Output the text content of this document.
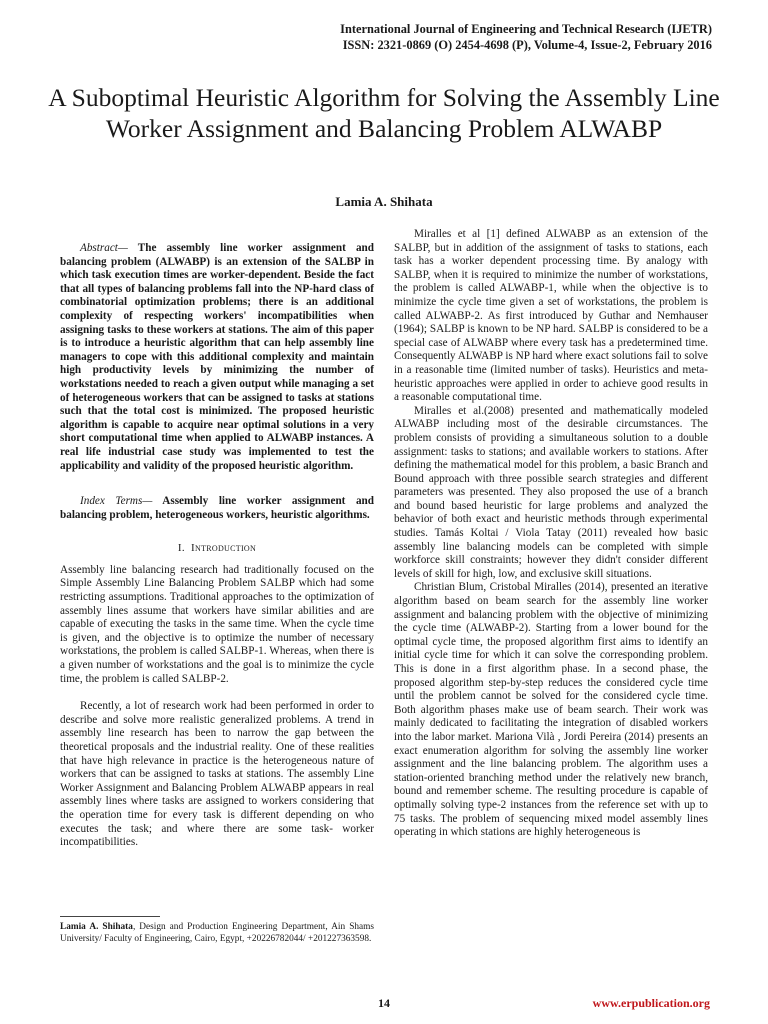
International Journal of Engineering and Technical Research (IJETR)
ISSN: 2321-0869 (O) 2454-4698 (P), Volume-4, Issue-2, February 2016
A Suboptimal Heuristic Algorithm for Solving the Assembly Line Worker Assignment and Balancing Problem ALWABP
Lamia A. Shihata

Abstract— The assembly line worker assignment and balancing problem (ALWABP) is an extension of the SALBP in which task execution times are worker-dependent. Beside the fact that all types of balancing problems fall into the NP-hard class of combinatorial optimization problems; there is an additional complexity of respecting workers' incompatibilities when assigning tasks to these workers at stations. The aim of this paper is to introduce a heuristic algorithm that can help assembly line managers to cope with this additional complexity and maintain high productivity levels by minimizing the number of workstations needed to reach a given output while managing a set of heterogeneous workers that can be assigned to tasks at stations such that the total cost is minimized. The proposed heuristic algorithm is capable to acquire near optimal solutions in a very short computational time when applied to ALWABP instances. A real life industrial case study was implemented to test the applicability and validity of the proposed heuristic algorithm.

Index Terms— Assembly line worker assignment and balancing problem, heterogeneous workers, heuristic algorithms.

I. Introduction

Assembly line balancing research had traditionally focused on the Simple Assembly Line Balancing Problem SALBP which had some restricting assumptions. Traditional approaches to the optimization of assembly lines assume that workers have similar abilities and are capable of executing the tasks in the same time. When the cycle time is given, and the objective is to optimize the number of necessary workstations, the problem is called SALBP-1. Whereas, when there is a given number of workstations and the goal is to minimize the cycle time, the problem is called SALBP-2.

Recently, a lot of research work had been performed in order to describe and solve more realistic generalized problems. A trend in assembly line research has been to narrow the gap between the theoretical proposals and the industrial reality. One of these realities that have high relevance in practice is the heterogeneous nature of workers that can be assigned to tasks at stations. The assembly Line Worker Assignment and Balancing Problem ALWABP appears in real assembly lines where tasks are assigned to workers considering that the operation time for every task is different depending on who executes the task; and where there are some task- worker incompatibilities.

Miralles et al [1] defined ALWABP as an extension of the SALBP, but in addition of the assignment of tasks to stations, each task has a worker dependent processing time. By analogy with SALBP, when it is required to minimize the number of workstations, the problem is called ALWABP-1, while when the objective is to minimize the cycle time given a set of workstations, the problem is called ALWABP-2. As first introduced by Guthar and Nemhauser (1964); SALBP is known to be NP hard. SALBP is considered to be a special case of ALWABP where every task has a predetermined time. Consequently ALWABP is NP hard where exact solutions fail to solve in a reasonable time (limited number of tasks). Heuristics and meta-heuristic approaches were applied in order to achieve good results in a reasonable computational time.

Miralles et al.(2008) presented and mathematically modeled ALWABP including most of the desirable circumstances. The problem consists of providing a simultaneous solution to a double assignment: tasks to stations; and available workers to stations. After defining the mathematical model for this problem, a basic Branch and Bound approach with three possible search strategies and different parameters was presented. They also proposed the use of a branch and bound based heuristic for large problems and analyzed the behavior of both exact and heuristic methods through experimental studies. Tamás Koltai / Viola Tatay (2011) revealed how basic assembly line balancing models can be completed with simple workforce skill constraints; however they didn't consider different levels of skill for high, low, and exclusive skill situations.

Christian Blum, Cristobal Miralles (2014), presented an iterative algorithm based on beam search for the assembly line worker assignment and balancing problem with the objective of minimizing the cycle time (ALWABP-2). Starting from a lower bound for the optimal cycle time, the proposed algorithm first aims to identify an initial cycle time for which it can solve the corresponding problem. This is done in a first algorithm phase. In a second phase, the proposed algorithm step-by-step reduces the considered cycle time until the problem cannot be solved for the considered cycle time. Both algorithm phases make use of beam search. Their work was mainly dedicated to facilitating the integration of disabled workers into the labor market. Mariona Vilà , Jordi Pereira (2014) presents an exact enumeration algorithm for solving the assembly line worker assignment and the line balancing problem. The algorithm uses a station-oriented branching method under the relatively new branch, bound and remember scheme. The resulting procedure is capable of optimally solving type-2 instances from the reference set with up to 75 tasks. The problem of sequencing mixed model assembly lines operating in which stations are highly heterogeneous is

Lamia A. Shihata, Design and Production Engineering Department, Ain Shams University/ Faculty of Engineering, Cairo, Egypt, +20226782044/ +201227363598.
14	www.erpublication.org
